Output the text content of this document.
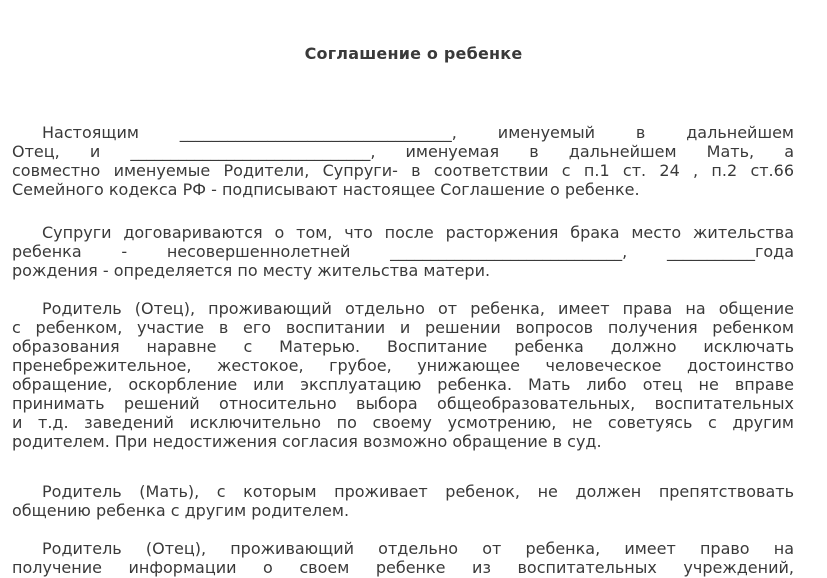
Соглашение о ребенке
Настоящим __________________________________, именуемый в дальнейшем
Отец, и ______________________________, именуемая в дальнейшем Мать, а
совместно именуемые Родители, Супруги- в соответствии с п.1 ст. 24 , п.2 ст.66
Семейного кодекса РФ - подписывают настоящее Соглашение о ребенке.
Супруги договариваются о том, что после расторжения брака место жительства
ребенка - несовершеннолетней _____________________________, ___________года
рождения - определяется по месту жительства матери.
Родитель (Отец), проживающий отдельно от ребенка, имеет права на общение
с ребенком, участие в его воспитании и решении вопросов получения ребенком
образования наравне с Матерью. Воспитание ребенка должно исключать
пренебрежительное, жестокое, грубое, унижающее человеческое достоинство
обращение, оскорбление или эксплуатацию ребенка. Мать либо отец не вправе
принимать решений относительно выбора общеобразовательных, воспитательных
и т.д. заведений исключительно по своему усмотрению, не советуясь с другим
родителем. При недостижения согласия возможно обращение в суд.
Родитель (Мать), с которым проживает ребенок, не должен препятствовать
общению ребенка с другим родителем.
Родитель (Отец), проживающий отдельно от ребенка, имеет право на
получение информации о своем ребенке из воспитательных учреждений,
